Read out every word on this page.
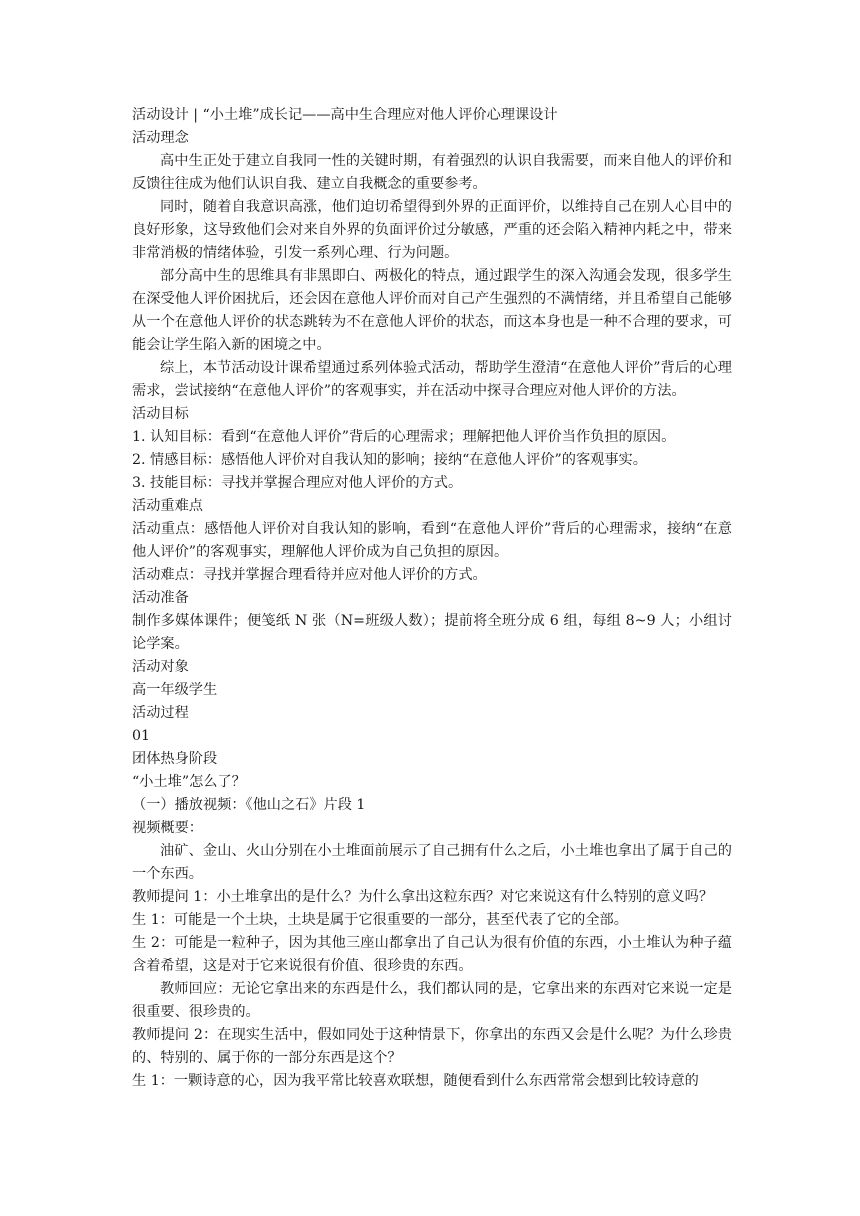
活动设计 | “小土堆”成长记——高中生合理应对他人评价心理课设计
活动理念
高中生正处于建立自我同一性的关键时期，有着强烈的认识自我需要，而来自他人的评价和反馈往往成为他们认识自我、建立自我概念的重要参考。
同时，随着自我意识高涨，他们迫切希望得到外界的正面评价，以维持自己在别人心目中的良好形象，这导致他们会对来自外界的负面评价过分敏感，严重的还会陷入精神内耗之中，带来非常消极的情绪体验，引发一系列心理、行为问题。
部分高中生的思维具有非黑即白、两极化的特点，通过跟学生的深入沟通会发现，很多学生在深受他人评价困扰后，还会因在意他人评价而对自己产生强烈的不满情绪，并且希望自己能够从一个在意他人评价的状态跳转为不在意他人评价的状态，而这本身也是一种不合理的要求，可能会让学生陷入新的困境之中。
综上，本节活动设计课希望通过系列体验式活动，帮助学生澄清“在意他人评价”背后的心理需求，尝试接纳“在意他人评价”的客观事实，并在活动中探寻合理应对他人评价的方法。
活动目标
1. 认知目标：看到“在意他人评价”背后的心理需求；理解把他人评价当作负担的原因。
2. 情感目标：感悟他人评价对自我认知的影响；接纳“在意他人评价”的客观事实。
3. 技能目标：寻找并掌握合理应对他人评价的方式。
活动重难点
活动重点：感悟他人评价对自我认知的影响，看到“在意他人评价”背后的心理需求，接纳“在意他人评价”的客观事实，理解他人评价成为自己负担的原因。
活动难点：寻找并掌握合理看待并应对他人评价的方式。
活动准备
制作多媒体课件；便笺纸 N 张（N=班级人数）；提前将全班分成 6 组，每组 8~9 人；小组讨论学案。
活动对象
高一年级学生
活动过程
01
团体热身阶段
“小土堆”怎么了？
（一）播放视频：《他山之石》片段 1
视频概要：
油矿、金山、火山分别在小土堆面前展示了自己拥有什么之后，小土堆也拿出了属于自己的一个东西。
教师提问 1：小土堆拿出的是什么？为什么拿出这粒东西？对它来说这有什么特别的意义吗？
生 1：可能是一个土块，土块是属于它很重要的一部分，甚至代表了它的全部。
生 2：可能是一粒种子，因为其他三座山都拿出了自己认为很有价值的东西，小土堆认为种子蕴含着希望，这是对于它来说很有价值、很珍贵的东西。
教师回应：无论它拿出来的东西是什么，我们都认同的是，它拿出来的东西对它来说一定是很重要、很珍贵的。
教师提问 2：在现实生活中，假如同处于这种情景下，你拿出的东西又会是什么呢？为什么珍贵的、特别的、属于你的一部分东西是这个？
生 1：一颗诗意的心，因为我平常比较喜欢联想，随便看到什么东西常常会想到比较诗意的
